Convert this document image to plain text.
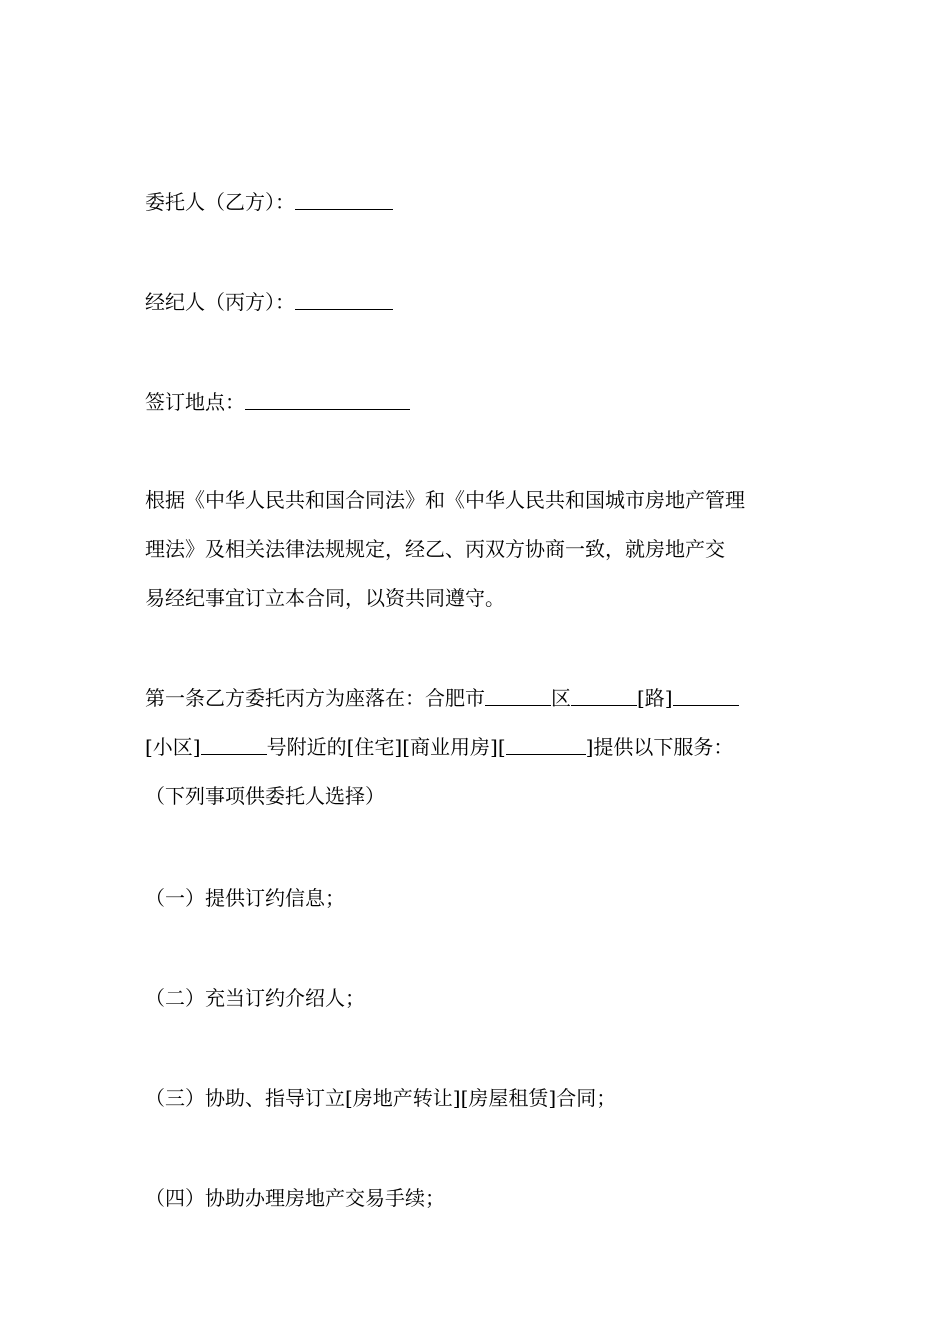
委托人（乙方）：
经纪人（丙方）：
签订地点：
根据《中华人民共和国合同法》和《中华人民共和国城市房地产管理
理法》及相关法律法规规定，经乙、丙双方协商一致，就房地产交
易经纪事宜订立本合同，以资共同遵守。
第一条乙方委托丙方为座落在：合肥市	区	[路]
[小区]	号附近的[住宅][商业用房][	]提供以下服务：
（下列事项供委托人选择）
（一）提供订约信息；
（二）充当订约介绍人；
（三）协助、指导订立[房地产转让][房屋租赁]合同；
（四）协助办理房地产交易手续；
